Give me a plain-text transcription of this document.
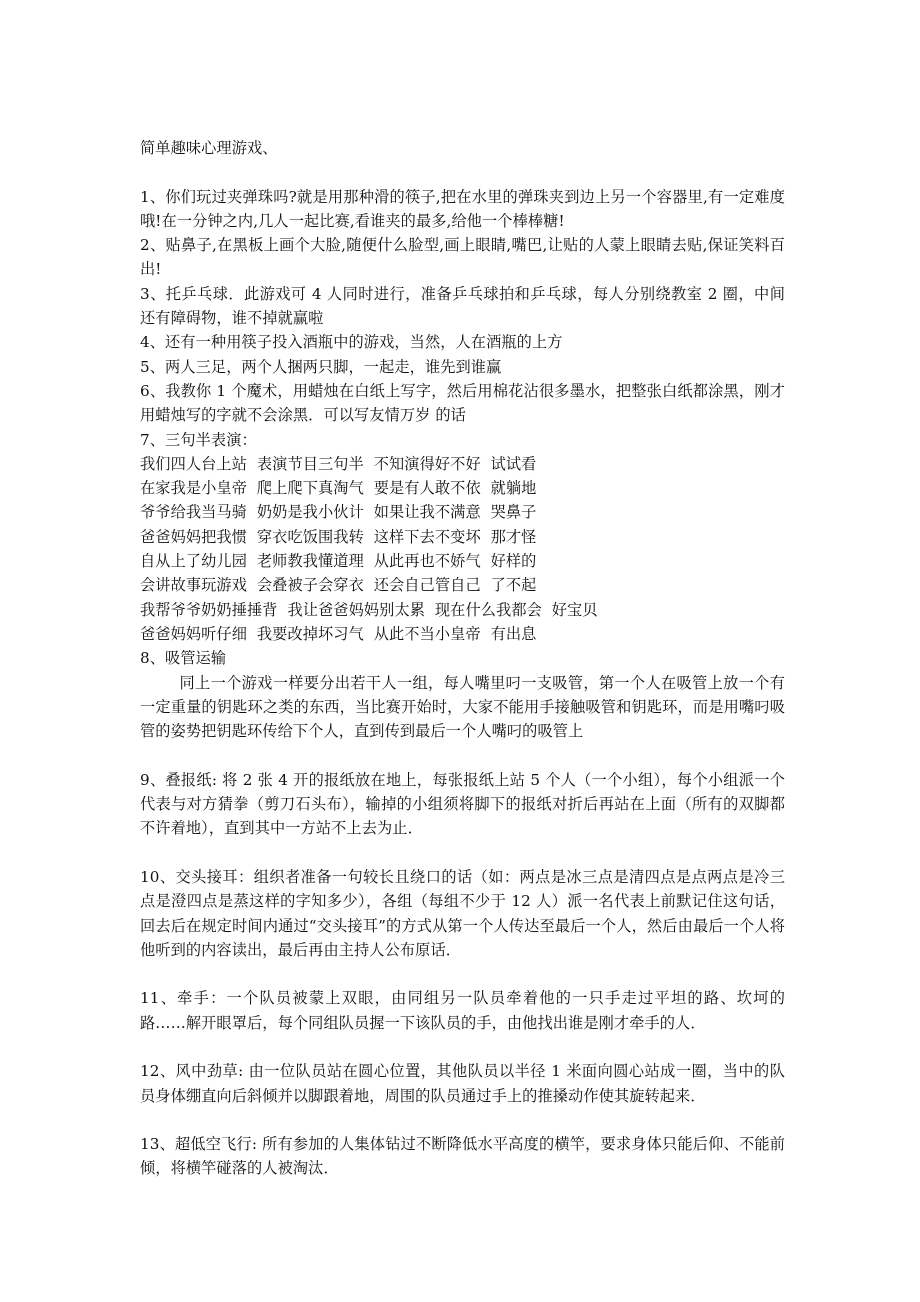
简单趣味心理游戏、
1、你们玩过夹弹珠吗?就是用那种滑的筷子,把在水里的弹珠夹到边上另一个容器里,有一定难度哦!在一分钟之内,几人一起比赛,看谁夹的最多,给他一个棒棒糖!
2、贴鼻子,在黑板上画个大脸,随便什么脸型,画上眼睛,嘴巴,让贴的人蒙上眼睛去贴,保证笑料百出!
3、托乒乓球．此游戏可 4 人同时进行，准备乒乓球拍和乒乓球，每人分别绕教室 2 圈，中间还有障碍物，谁不掉就赢啦
4、还有一种用筷子投入酒瓶中的游戏，当然，人在酒瓶的上方
5、两人三足，两个人捆两只脚，一起走，谁先到谁赢
6、我教你 1 个魔术，用蜡烛在白纸上写字，然后用棉花沾很多墨水，把整张白纸都涂黑，刚才用蜡烛写的字就不会涂黑．可以写友情万岁 的话
7、三句半表演：
我们四人台上站  表演节目三句半  不知演得好不好  试试看
在家我是小皇帝  爬上爬下真淘气  要是有人敢不依  就躺地
爷爷给我当马骑  奶奶是我小伙计  如果让我不满意  哭鼻子
爸爸妈妈把我惯  穿衣吃饭围我转  这样下去不变坏  那才怪
自从上了幼儿园  老师教我懂道理  从此再也不娇气  好样的
会讲故事玩游戏  会叠被子会穿衣  还会自己管自己  了不起
我帮爷爷奶奶捶捶背  我让爸爸妈妈别太累  现在什么我都会  好宝贝
爸爸妈妈听仔细  我要改掉坏习气  从此不当小皇帝  有出息
8、吸管运输
同上一个游戏一样要分出若干人一组，每人嘴里叼一支吸管，第一个人在吸管上放一个有一定重量的钥匙环之类的东西，当比赛开始时，大家不能用手接触吸管和钥匙环，而是用嘴叼吸管的姿势把钥匙环传给下个人，直到传到最后一个人嘴叼的吸管上
9、叠报纸: 将 2 张 4 开的报纸放在地上，每张报纸上站 5 个人（一个小组），每个小组派一个代表与对方猜拳（剪刀石头布），输掉的小组须将脚下的报纸对折后再站在上面（所有的双脚都不许着地），直到其中一方站不上去为止．
10、交头接耳：组织者准备一句较长且绕口的话（如：两点是冰三点是清四点是点两点是冷三点是澄四点是蒸这样的字知多少），各组（每组不少于 12 人）派一名代表上前默记住这句话，回去后在规定时间内通过“交头接耳”的方式从第一个人传达至最后一个人，然后由最后一个人将他听到的内容读出，最后再由主持人公布原话．
11、牵手：一个队员被蒙上双眼，由同组另一队员牵着他的一只手走过平坦的路、坎坷的路……解开眼罩后，每个同组队员握一下该队员的手，由他找出谁是刚才牵手的人．
12、风中劲草: 由一位队员站在圆心位置，其他队员以半径 1 米面向圆心站成一圈，当中的队员身体绷直向后斜倾并以脚跟着地，周围的队员通过手上的推搡动作使其旋转起来．
13、超低空飞行: 所有参加的人集体钻过不断降低水平高度的横竿，要求身体只能后仰、不能前倾，将横竿碰落的人被淘汰．
